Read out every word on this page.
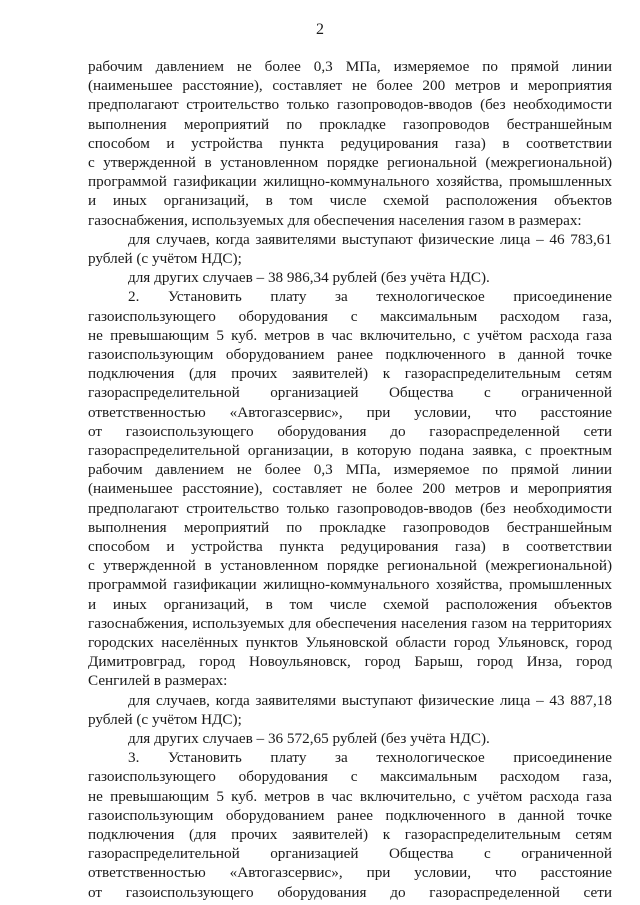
2
рабочим давлением не более 0,3 МПа, измеряемое по прямой линии
(наименьшее расстояние), составляет не более 200 метров и мероприятия
предполагают строительство только газопроводов-вводов (без необходимости
выполнения мероприятий по прокладке газопроводов бестраншейным
способом и устройства пункта редуцирования газа) в соответствии
с утвержденной в установленном порядке региональной (межрегиональной)
программой газификации жилищно-коммунального хозяйства, промышленных
и иных организаций, в том числе схемой расположения объектов
газоснабжения, используемых для обеспечения населения газом в размерах:
для случаев, когда заявителями выступают физические лица – 46 783,61
рублей (с учётом НДС);
для других случаев – 38 986,34 рублей (без учёта НДС).
2. Установить плату за технологическое присоединение
газоиспользующего оборудования с максимальным расходом газа,
не превышающим 5 куб. метров в час включительно, с учётом расхода газа
газоиспользующим оборудованием ранее подключенного в данной точке
подключения (для прочих заявителей) к газораспределительным сетям
газораспределительной организацией Общества с ограниченной
ответственностью «Автогазсервис», при условии, что расстояние
от газоиспользующего оборудования до газораспределенной сети
газораспределительной организации, в которую подана заявка, с проектным
рабочим давлением не более 0,3 МПа, измеряемое по прямой линии
(наименьшее расстояние), составляет не более 200 метров и мероприятия
предполагают строительство только газопроводов-вводов (без необходимости
выполнения мероприятий по прокладке газопроводов бестраншейным
способом и устройства пункта редуцирования газа) в соответствии
с утвержденной в установленном порядке региональной (межрегиональной)
программой газификации жилищно-коммунального хозяйства, промышленных
и иных организаций, в том числе схемой расположения объектов
газоснабжения, используемых для обеспечения населения газом на территориях
городских населённых пунктов Ульяновской области город Ульяновск, город
Димитровград, город Новоульяновск, город Барыш, город Инза, город
Сенгилей в размерах:
для случаев, когда заявителями выступают физические лица – 43 887,18
рублей (с учётом НДС);
для других случаев – 36 572,65 рублей (без учёта НДС).
3. Установить плату за технологическое присоединение
газоиспользующего оборудования с максимальным расходом газа,
не превышающим 5 куб. метров в час включительно, с учётом расхода газа
газоиспользующим оборудованием ранее подключенного в данной точке
подключения (для прочих заявителей) к газораспределительным сетям
газораспределительной организацией Общества с ограниченной
ответственностью «Автогазсервис», при условии, что расстояние
от газоиспользующего оборудования до газораспределенной сети
